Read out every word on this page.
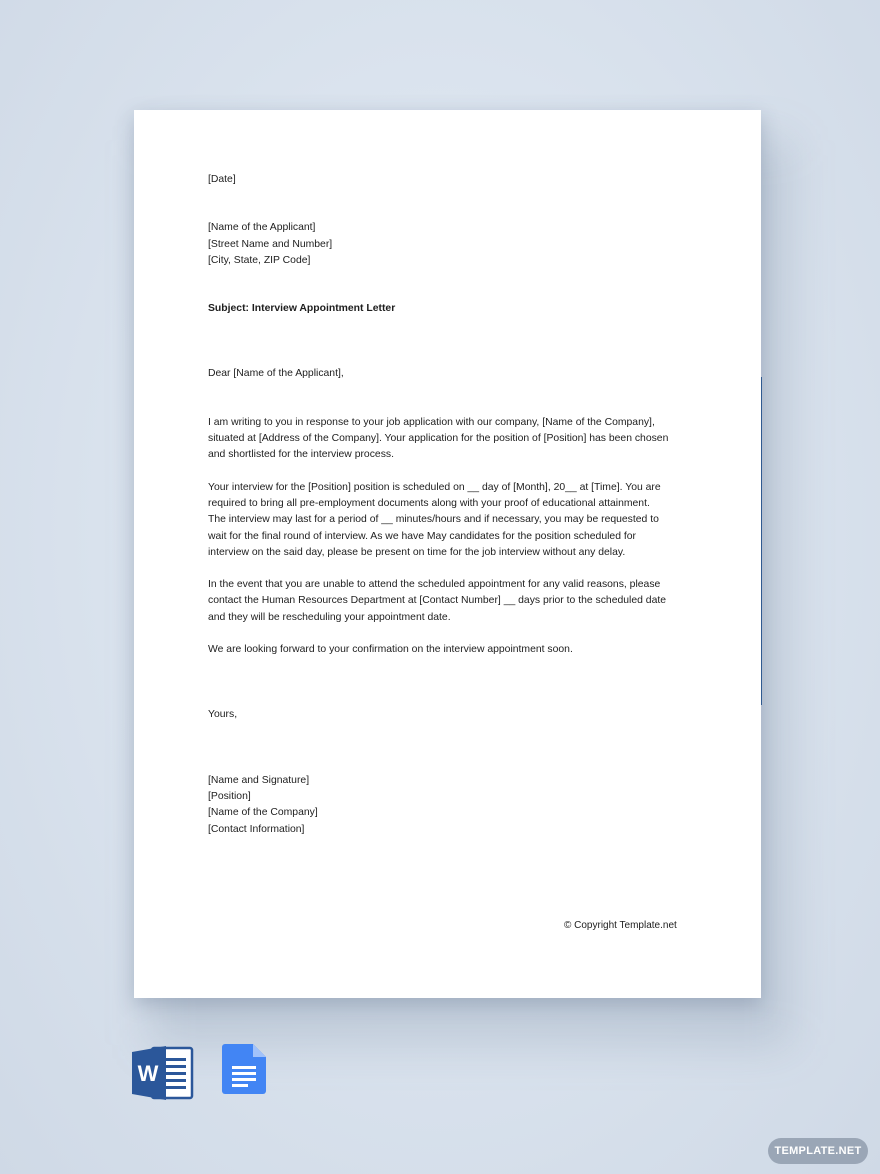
[Date]
[Name of the Applicant]
[Street Name and Number]
[City, State, ZIP Code]
Subject: Interview Appointment Letter
Dear [Name of the Applicant],
I am writing to you in response to your job application with our company, [Name of the Company],
situated at [Address of the Company]. Your application for the position of [Position] has been chosen
and shortlisted for the interview process.
Your interview for the [Position] position is scheduled on __ day of [Month], 20__ at [Time]. You are
required to bring all pre-employment documents along with your proof of educational attainment.
The interview may last for a period of __ minutes/hours and if necessary, you may be requested to
wait for the final round of interview. As we have May candidates for the position scheduled for
interview on the said day, please be present on time for the job interview without any delay.
In the event that you are unable to attend the scheduled appointment for any valid reasons, please
contact the Human Resources Department at [Contact Number] __ days prior to the scheduled date
and they will be rescheduling your appointment date.
We are looking forward to your confirmation on the interview appointment soon.
Yours,
[Name and Signature]
[Position]
[Name of the Company]
[Contact Information]
© Copyright Template.net
W
TEMPLATE.NET
